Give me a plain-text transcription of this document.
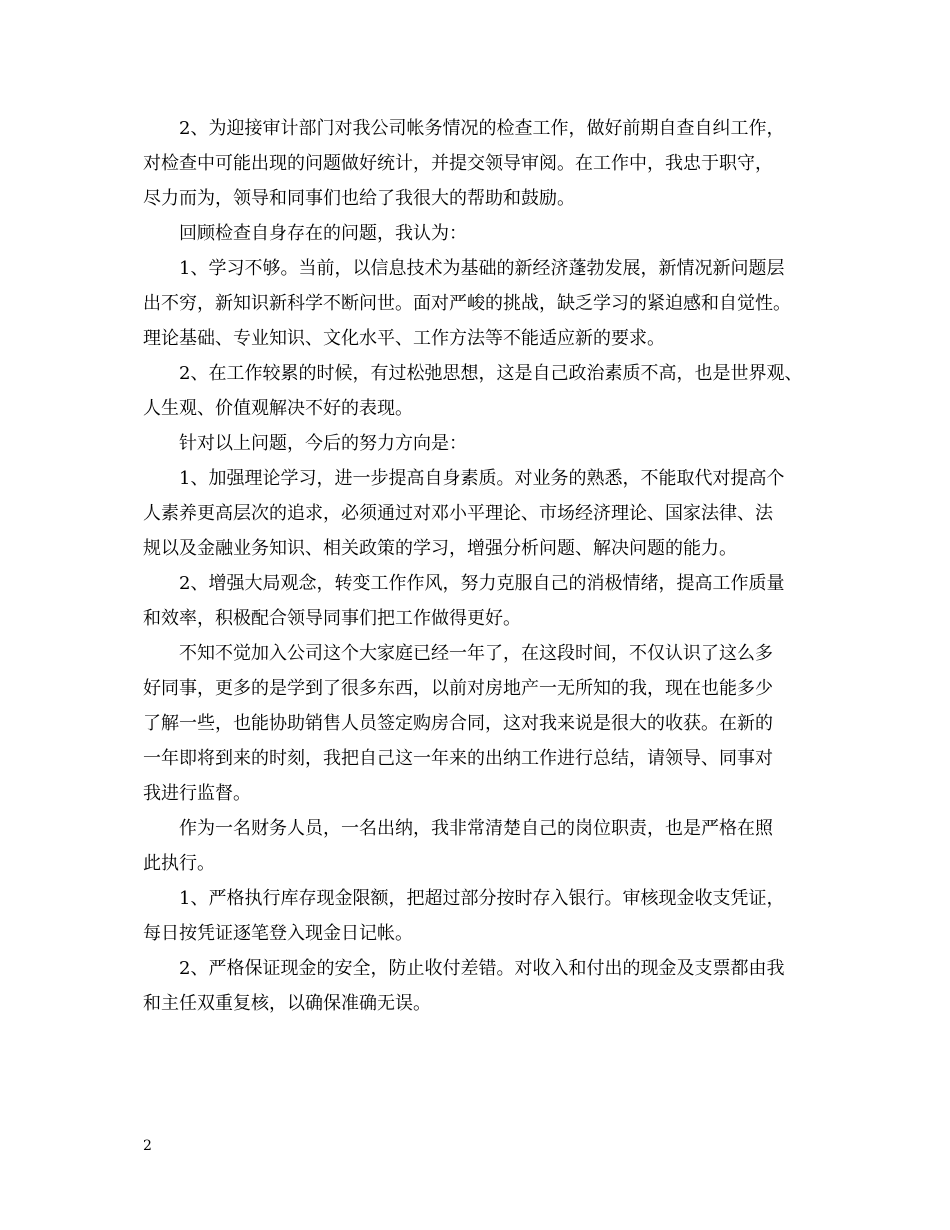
　　2、为迎接审计部门对我公司帐务情况的检查工作，做好前期自查自纠工作，
对检查中可能出现的问题做好统计，并提交领导审阅。在工作中，我忠于职守，
尽力而为，领导和同事们也给了我很大的帮助和鼓励。
　　回顾检查自身存在的问题，我认为：
　　1、学习不够。当前，以信息技术为基础的新经济蓬勃发展，新情况新问题层
出不穷，新知识新科学不断问世。面对严峻的挑战，缺乏学习的紧迫感和自觉性。
理论基础、专业知识、文化水平、工作方法等不能适应新的要求。
　　2、在工作较累的时候，有过松弛思想，这是自己政治素质不高，也是世界观、
人生观、价值观解决不好的表现。
　　针对以上问题，今后的努力方向是：
　　1、加强理论学习，进一步提高自身素质。对业务的熟悉，不能取代对提高个
人素养更高层次的追求，必须通过对邓小平理论、市场经济理论、国家法律、法
规以及金融业务知识、相关政策的学习，增强分析问题、解决问题的能力。
　　2、增强大局观念，转变工作作风，努力克服自己的消极情绪，提高工作质量
和效率，积极配合领导同事们把工作做得更好。
　　不知不觉加入公司这个大家庭已经一年了，在这段时间，不仅认识了这么多
好同事，更多的是学到了很多东西，以前对房地产一无所知的我，现在也能多少
了解一些，也能协助销售人员签定购房合同，这对我来说是很大的收获。在新的
一年即将到来的时刻，我把自己这一年来的出纳工作进行总结，请领导、同事对
我进行监督。
　　作为一名财务人员，一名出纳，我非常清楚自己的岗位职责，也是严格在照
此执行。
　　1、严格执行库存现金限额，把超过部分按时存入银行。审核现金收支凭证，
每日按凭证逐笔登入现金日记帐。
　　2、严格保证现金的安全，防止收付差错。对收入和付出的现金及支票都由我
和主任双重复核，以确保准确无误。
2
